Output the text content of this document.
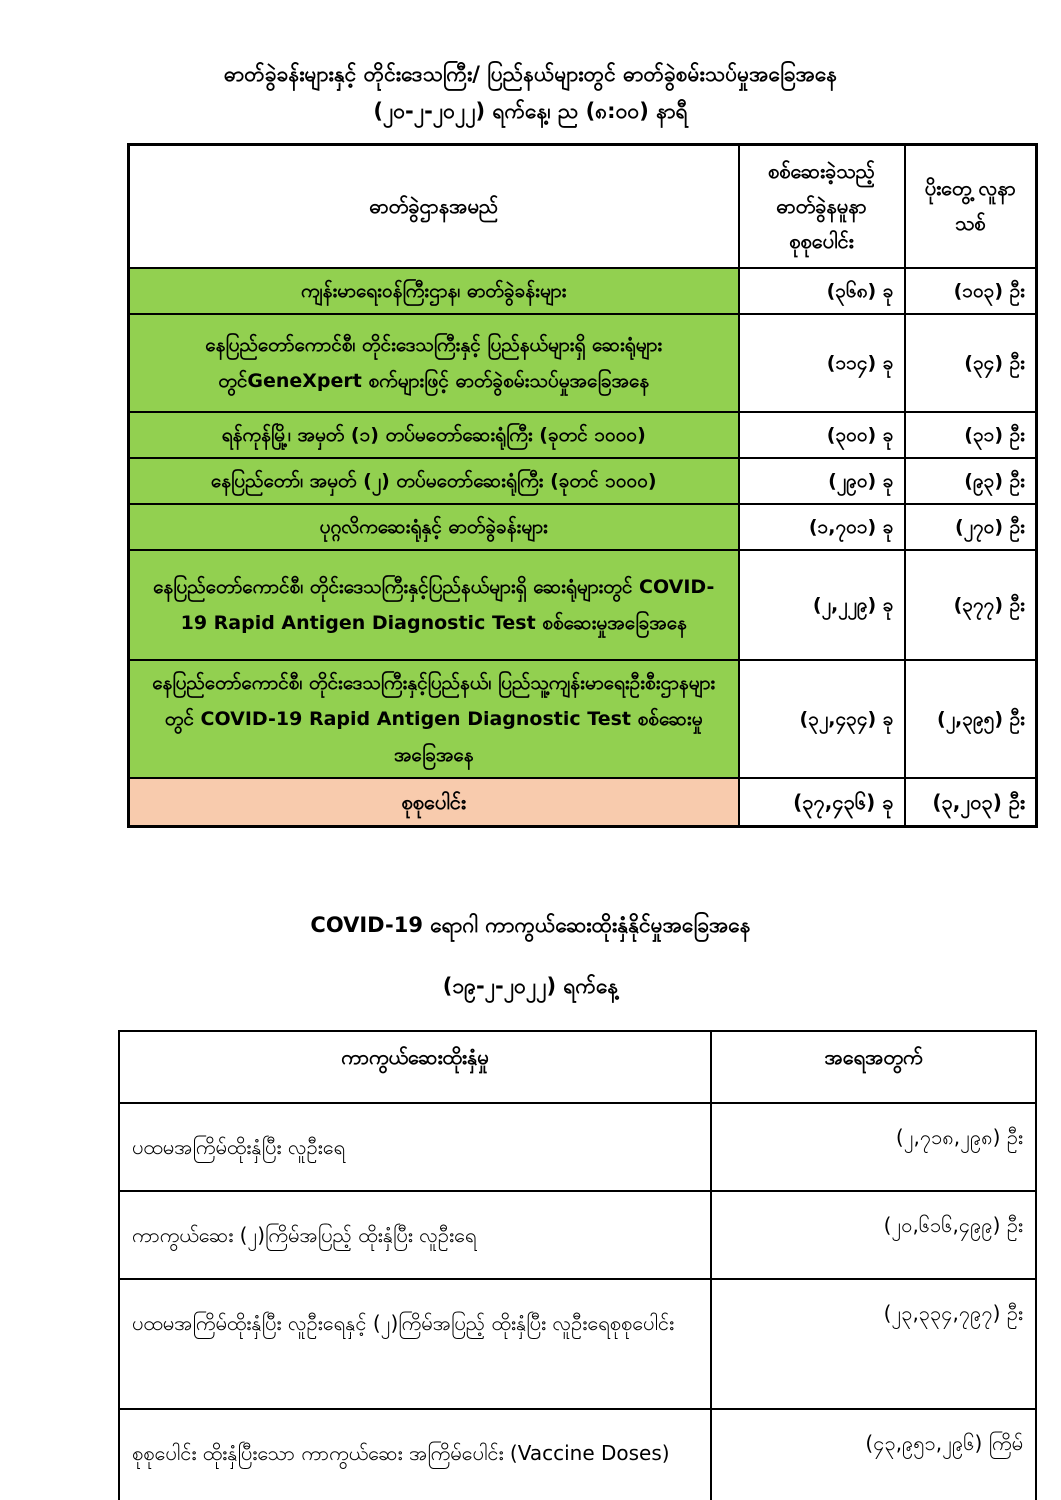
ဓာတ်ခွဲခန်းများနှင့် တိုင်းဒေသကြီး/ ပြည်နယ်များတွင် ဓာတ်ခွဲစမ်းသပ်မှုအခြေအနေ
(၂၀-၂-၂၀၂၂) ရက်နေ့၊ ည (၈:၀၀) နာရီ
ဓာတ်ခွဲဌာနအမည်	စစ်ဆေးခဲ့သည့် ဓာတ်ခွဲနမူနာ စုစုပေါင်း	ပိုးတွေ့ လူနာသစ်
ကျန်းမာရေးဝန်ကြီးဌာန၊ ဓာတ်ခွဲခန်းများ	(၃၆၈) ခု	(၁၀၃) ဦး
နေပြည်တော်ကောင်စီ၊ တိုင်းဒေသကြီးနှင့် ပြည်နယ်များရှိ ဆေးရုံများတွင်GeneXpert စက်များဖြင့် ဓာတ်ခွဲစမ်းသပ်မှုအခြေအနေ	(၁၁၄) ခု	(၃၄) ဦး
ရန်ကုန်မြို့၊ အမှတ် (၁) တပ်မတော်ဆေးရုံကြီး (ခုတင် ၁၀၀၀)	(၃၀၀) ခု	(၃၁) ဦး
နေပြည်တော်၊ အမှတ် (၂) တပ်မတော်ဆေးရုံကြီး (ခုတင် ၁၀၀၀)	(၂၉၀) ခု	(၉၃) ဦး
ပုဂ္ဂလိကဆေးရုံနှင့် ဓာတ်ခွဲခန်းများ	(၁,၇၀၁) ခု	(၂၇၀) ဦး
နေပြည်တော်ကောင်စီ၊ တိုင်းဒေသကြီးနှင့်ပြည်နယ်များရှိ ဆေးရုံများတွင် COVID-19 Rapid Antigen Diagnostic Test စစ်ဆေးမှုအခြေအနေ	(၂,၂၂၉) ခု	(၃၇၇) ဦး
နေပြည်တော်ကောင်စီ၊ တိုင်းဒေသကြီးနှင့်ပြည်နယ်၊ ပြည်သူ့ကျန်းမာရေးဦးစီးဌာနများတွင် COVID-19 Rapid Antigen Diagnostic Test စစ်ဆေးမှုအခြေအနေ	(၃၂,၄၃၄) ခု	(၂,၃၉၅) ဦး
စုစုပေါင်း	(၃၇,၄၃၆) ခု	(၃,၂၀၃) ဦး
COVID-19 ရောဂါ ကာကွယ်ဆေးထိုးနှံနိုင်မှုအခြေအနေ
(၁၉-၂-၂၀၂၂) ရက်နေ့
ကာကွယ်ဆေးထိုးနှံမှု	အရေအတွက်
ပထမအကြိမ်ထိုးနှံပြီး လူဦးရေ	(၂,၇၁၈,၂၉၈) ဦး
ကာကွယ်ဆေး (၂)ကြိမ်အပြည့် ထိုးနှံပြီး လူဦးရေ	(၂၀,၆၁၆,၄၉၉) ဦး
ပထမအကြိမ်ထိုးနှံပြီး လူဦးရေနှင့် (၂)ကြိမ်အပြည့် ထိုးနှံပြီး လူဦးရေစုစုပေါင်း	(၂၃,၃၃၄,၇၉၇) ဦး
စုစုပေါင်း ထိုးနှံပြီးသော ကာကွယ်ဆေး အကြိမ်ပေါင်း (Vaccine Doses)	(၄၃,၉၅၁,၂၉၆) ကြိမ်
